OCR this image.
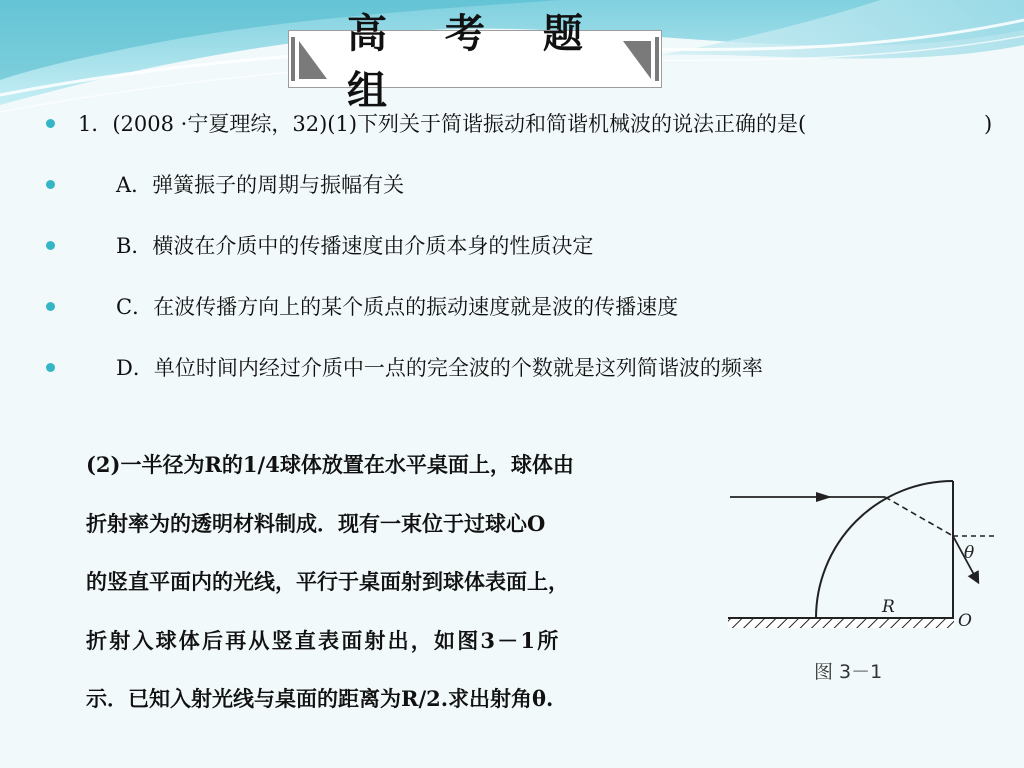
高 考 题 组
1．(2008 ·宁夏理综，32)(1)下列关于简谐振动和简谐机械波的说法正确的是(	)
A．弹簧振子的周期与振幅有关
B．横波在介质中的传播速度由介质本身的性质决定
C．在波传播方向上的某个质点的振动速度就是波的传播速度
D．单位时间内经过介质中一点的完全波的个数就是这列简谐波的频率
(2)一半径为R的1/4球体放置在水平桌面上，球体由
折射率为的透明材料制成．现有一束位于过球心O
的竖直平面内的光线，平行于桌面射到球体表面上，
折射入球体后再从竖直表面射出，如图3－1所
示．已知入射光线与桌面的距离为R/2.求出射角θ.
R
O
θ
图 3－1
